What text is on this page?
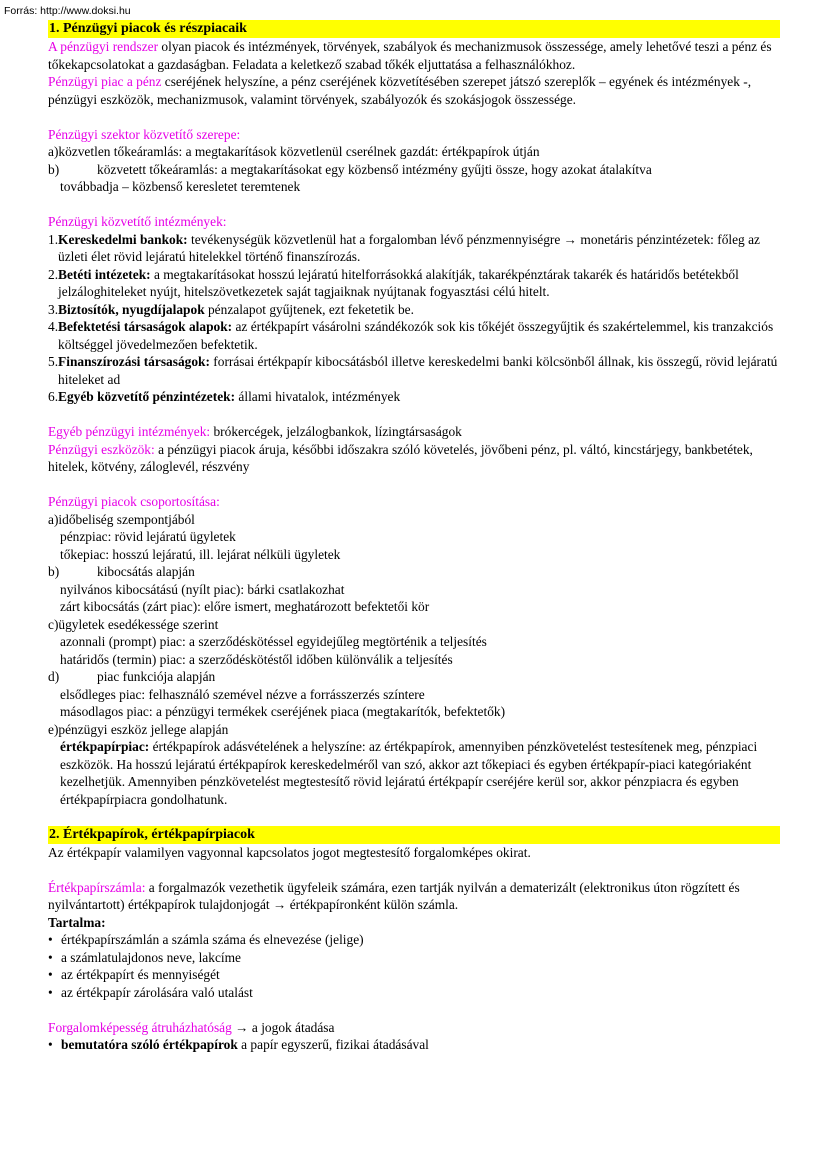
Forrás: http://www.doksi.hu
1. Pénzügyi piacok és részpiacaik
A pénzügyi rendszer olyan piacok és intézmények, törvények, szabályok és mechanizmusok összessége, amely lehetővé teszi a pénz és tőkekapcsolatokat a gazdaságban. Feladata a keletkező szabad tőkék eljuttatása a felhasználókhoz.
Pénzügyi piac a pénz cseréjének helyszíne, a pénz cseréjének közvetítésében szerepet játszó szereplők – egyének és intézmények -, pénzügyi eszközök, mechanizmusok, valamint törvények, szabályozók és szokásjogok összessége.
Pénzügyi szektor közvetítő szerepe:
a) közvetlen tőkeáramlás: a megtakarítások közvetlenül cserélnek gazdát: értékpapírok útján
b)	közvetett tőkeáramlás: a megtakarításokat egy közbenső intézmény gyűjti össze, hogy azokat átalakítva
továbbadja – közbenső keresletet teremtenek
Pénzügyi közvetítő intézmények:
1. Kereskedelmi bankok: tevékenységük közvetlenül hat a forgalomban lévő pénzmennyiségre → monetáris pénzintézetek: főleg az üzleti élet rövid lejáratú hitelekkel történő finanszírozás.
2. Betéti intézetek: a megtakarításokat hosszú lejáratú hitelforrásokká alakítják, takarékpénztárak takarék és határidős betétekből jelzáloghiteleket nyújt, hitelszövetkezetek saját tagjaiknak nyújtanak fogyasztási célú hitelt.
3. Biztosítók, nyugdíjalapok pénzalapot gyűjtenek, ezt feketetik be.
4. Befektetési társaságok alapok: az értékpapírt vásárolni szándékozók sok kis tőkéjét összegyűjtik és szakértelemmel, kis tranzakciós költséggel jövedelmezően befektetik.
5. Finanszírozási társaságok: forrásai értékpapír kibocsátásból illetve kereskedelmi banki kölcsönből állnak, kis összegű, rövid lejáratú hiteleket ad
6. Egyéb közvetítő pénzintézetek: állami hivatalok, intézmények
Egyéb pénzügyi intézmények: brókercégek, jelzálogbankok, lízingtársaságok
Pénzügyi eszközök: a pénzügyi piacok áruja, későbbi időszakra szóló követelés, jövőbeni pénz, pl. váltó, kincstárjegy, bankbetétek, hitelek, kötvény, záloglevél, részvény
Pénzügyi piacok csoportosítása:
a) időbeliség szempontjából
pénzpiac: rövid lejáratú ügyletek
tőkepiac: hosszú lejáratú, ill. lejárat nélküli ügyletek
b)	kibocsátás alapján
nyilvános kibocsátású (nyílt piac): bárki csatlakozhat
zárt kibocsátás (zárt piac): előre ismert, meghatározott befektetői kör
c) ügyletek esedékessége szerint
azonnali (prompt) piac: a szerződéskötéssel egyidejűleg megtörténik a teljesítés
határidős (termin) piac: a szerződéskötéstől időben különválik a teljesítés
d)	piac funkciója alapján
elsődleges piac: felhasználó szemével nézve a forrásszerzés színtere
másodlagos piac: a pénzügyi termékek cseréjének piaca (megtakarítók, befektetők)
e) pénzügyi eszköz jellege alapján
értékpapírpiac: értékpapírok adásvételének a helyszíne: az értékpapírok, amennyiben pénzkövetelést testesítenek meg, pénzpiaci eszközök. Ha hosszú lejáratú értékpapírok kereskedelméről van szó, akkor azt tőkepiaci és egyben értékpapír-piaci kategóriaként kezelhetjük. Amennyiben pénzkövetelést megtestesítő rövid lejáratú értékpapír cseréjére kerül sor, akkor pénzpiacra és egyben értékpapírpiacra gondolhatunk.
2. Értékpapírok, értékpapírpiacok
Az értékpapír valamilyen vagyonnal kapcsolatos jogot megtestesítő forgalomképes okirat.
Értékpapírszámla: a forgalmazók vezethetik ügyfeleik számára, ezen tartják nyilván a dematerizált (elektronikus úton rögzített és nyilvántartott) értékpapírok tulajdonjogát → értékpapíronként külön számla.
Tartalma:
• értékpapírszámlán a számla száma és elnevezése (jelige)
• a számlatulajdonos neve, lakcíme
• az értékpapírt és mennyiségét
• az értékpapír zárolására való utalást
Forgalomképesség átruházhatóság → a jogok átadása
• bemutatóra szóló értékpapírok a papír egyszerű, fizikai átadásával
